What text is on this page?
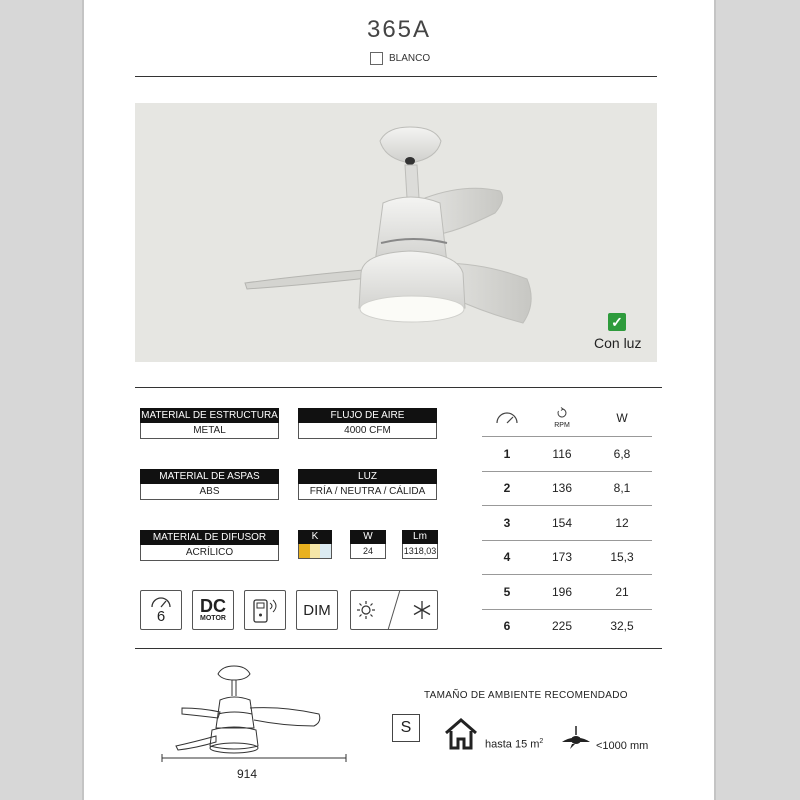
365A
BLANCO
✓
Con luz
MATERIAL DE ESTRUCTURA
METAL
FLUJO DE AIRE
4000 CFM
MATERIAL DE ASPAS
ABS
LUZ
FRÍA / NEUTRA / CÁLIDA
MATERIAL DE DIFUSOR
ACRÍLICO
K	W
24
Lm
1318,03

RPM	W
1	116	6,8
2	136	8,1
3	154	12
4	173	15,3
5	196	21
6	225	32,5
6
DC
MOTOR	DIM
914
TAMAÑO DE AMBIENTE RECOMENDADO
S
hasta 15 $m^2$	<1000 mm
